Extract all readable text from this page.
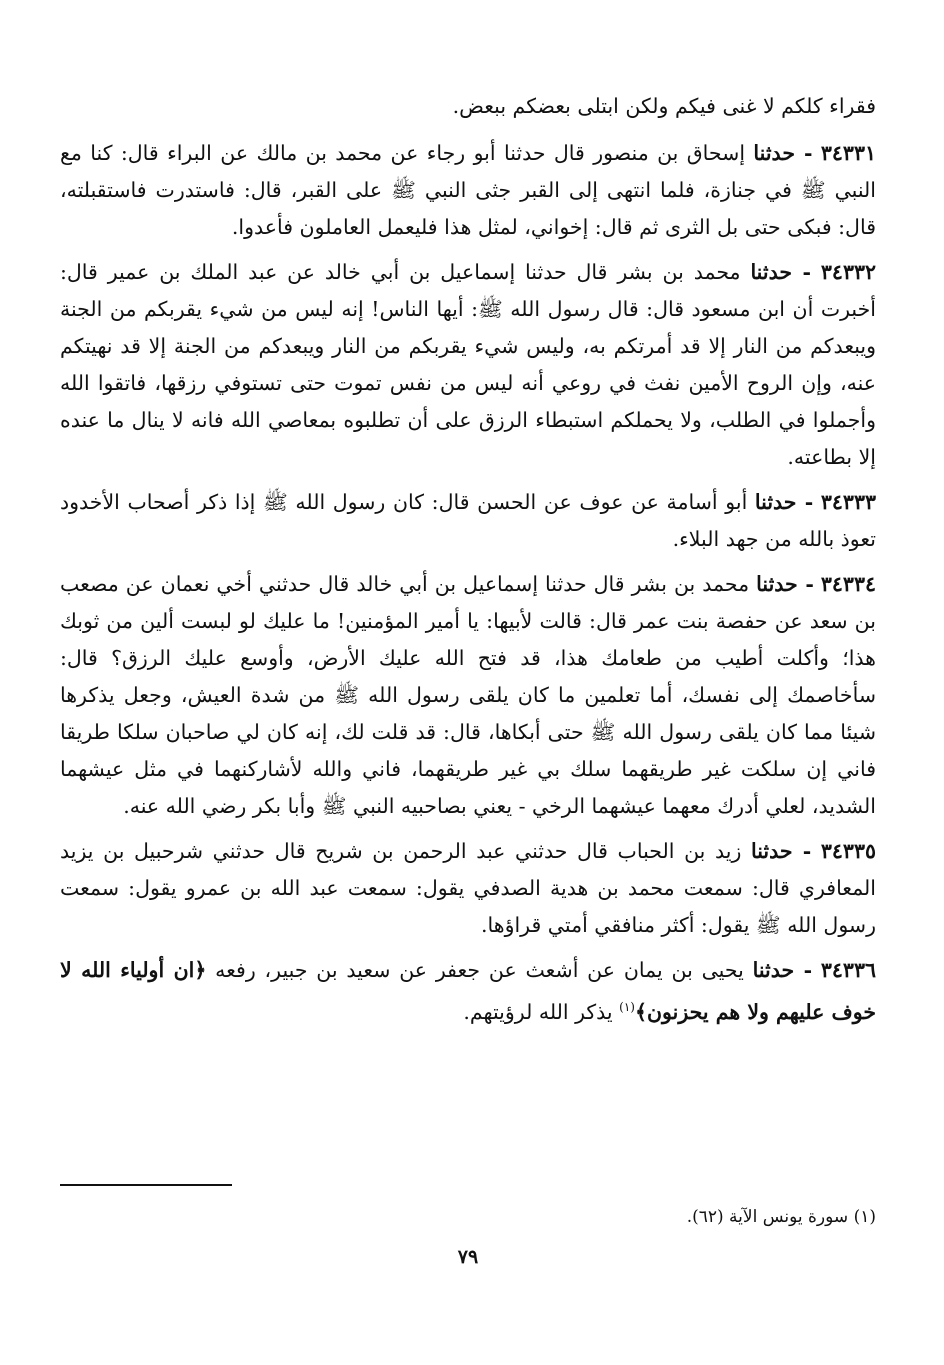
فقراء كلكم لا غنى فيكم ولكن ابتلى بعضكم ببعض.

٣٤٣٣١ - حدثنا إسحاق بن منصور قال حدثنا أبو رجاء عن محمد بن مالك عن البراء قال: كنا مع النبي ﷺ في جنازة، فلما انتهى إلى القبر جثى النبي ﷺ على القبر، قال: فاستدرت فاستقبلته، قال: فبكى حتى بل الثرى ثم قال: إخواني، لمثل هذا فليعمل العاملون فأعدوا.

٣٤٣٣٢ - حدثنا محمد بن بشر قال حدثنا إسماعيل بن أبي خالد عن عبد الملك بن عمير قال: أخبرت أن ابن مسعود قال: قال رسول الله ﷺ: أيها الناس! إنه ليس من شيء يقربكم من الجنة ويبعدكم من النار إلا قد أمرتكم به، وليس شيء يقربكم من النار ويبعدكم من الجنة إلا قد نهيتكم عنه، وإن الروح الأمين نفث في روعي أنه ليس من نفس تموت حتى تستوفي رزقها، فاتقوا الله وأجملوا في الطلب، ولا يحملكم استبطاء الرزق على أن تطلبوه بمعاصي الله فانه لا ينال ما عنده إلا بطاعته.

٣٤٣٣٣ - حدثنا أبو أسامة عن عوف عن الحسن قال: كان رسول الله ﷺ إذا ذكر أصحاب الأخدود تعوذ بالله من جهد البلاء.

٣٤٣٣٤ - حدثنا محمد بن بشر قال حدثنا إسماعيل بن أبي خالد قال حدثني أخي نعمان عن مصعب بن سعد عن حفصة بنت عمر قال: قالت لأبيها: يا أمير المؤمنين! ما عليك لو لبست ألين من ثوبك هذا؛ وأكلت أطيب من طعامك هذا، قد فتح الله عليك الأرض، وأوسع عليك الرزق؟ قال: سأخاصمك إلى نفسك، أما تعلمين ما كان يلقى رسول الله ﷺ من شدة العيش، وجعل يذكرها شيئا مما كان يلقى رسول الله ﷺ حتى أبكاها، قال: قد قلت لك، إنه كان لي صاحبان سلكا طريقا فاني إن سلكت غير طريقهما سلك بي غير طريقهما، فاني والله لأشاركنهما في مثل عيشهما الشديد، لعلي أدرك معهما عيشهما الرخي - يعني بصاحبيه النبي ﷺ وأبا بكر رضي الله عنه.

٣٤٣٣٥ - حدثنا زيد بن الحباب قال حدثني عبد الرحمن بن شريح قال حدثني شرحبيل بن يزيد المعافري قال: سمعت محمد بن هدية الصدفي يقول: سمعت عبد الله بن عمرو يقول: سمعت رسول الله ﷺ يقول: أكثر منافقي أمتي قراؤها.

٣٤٣٣٦ - حدثنا يحيى بن يمان عن أشعث عن جعفر عن سعيد بن جبير، رفعه ﴿ان أولياء الله لا خوف عليهم ولا هم يحزنون﴾$^{(١)}$ يذكر الله لرؤيتهم.

(١) سورة يونس الآية (٦٢).
٧٩
